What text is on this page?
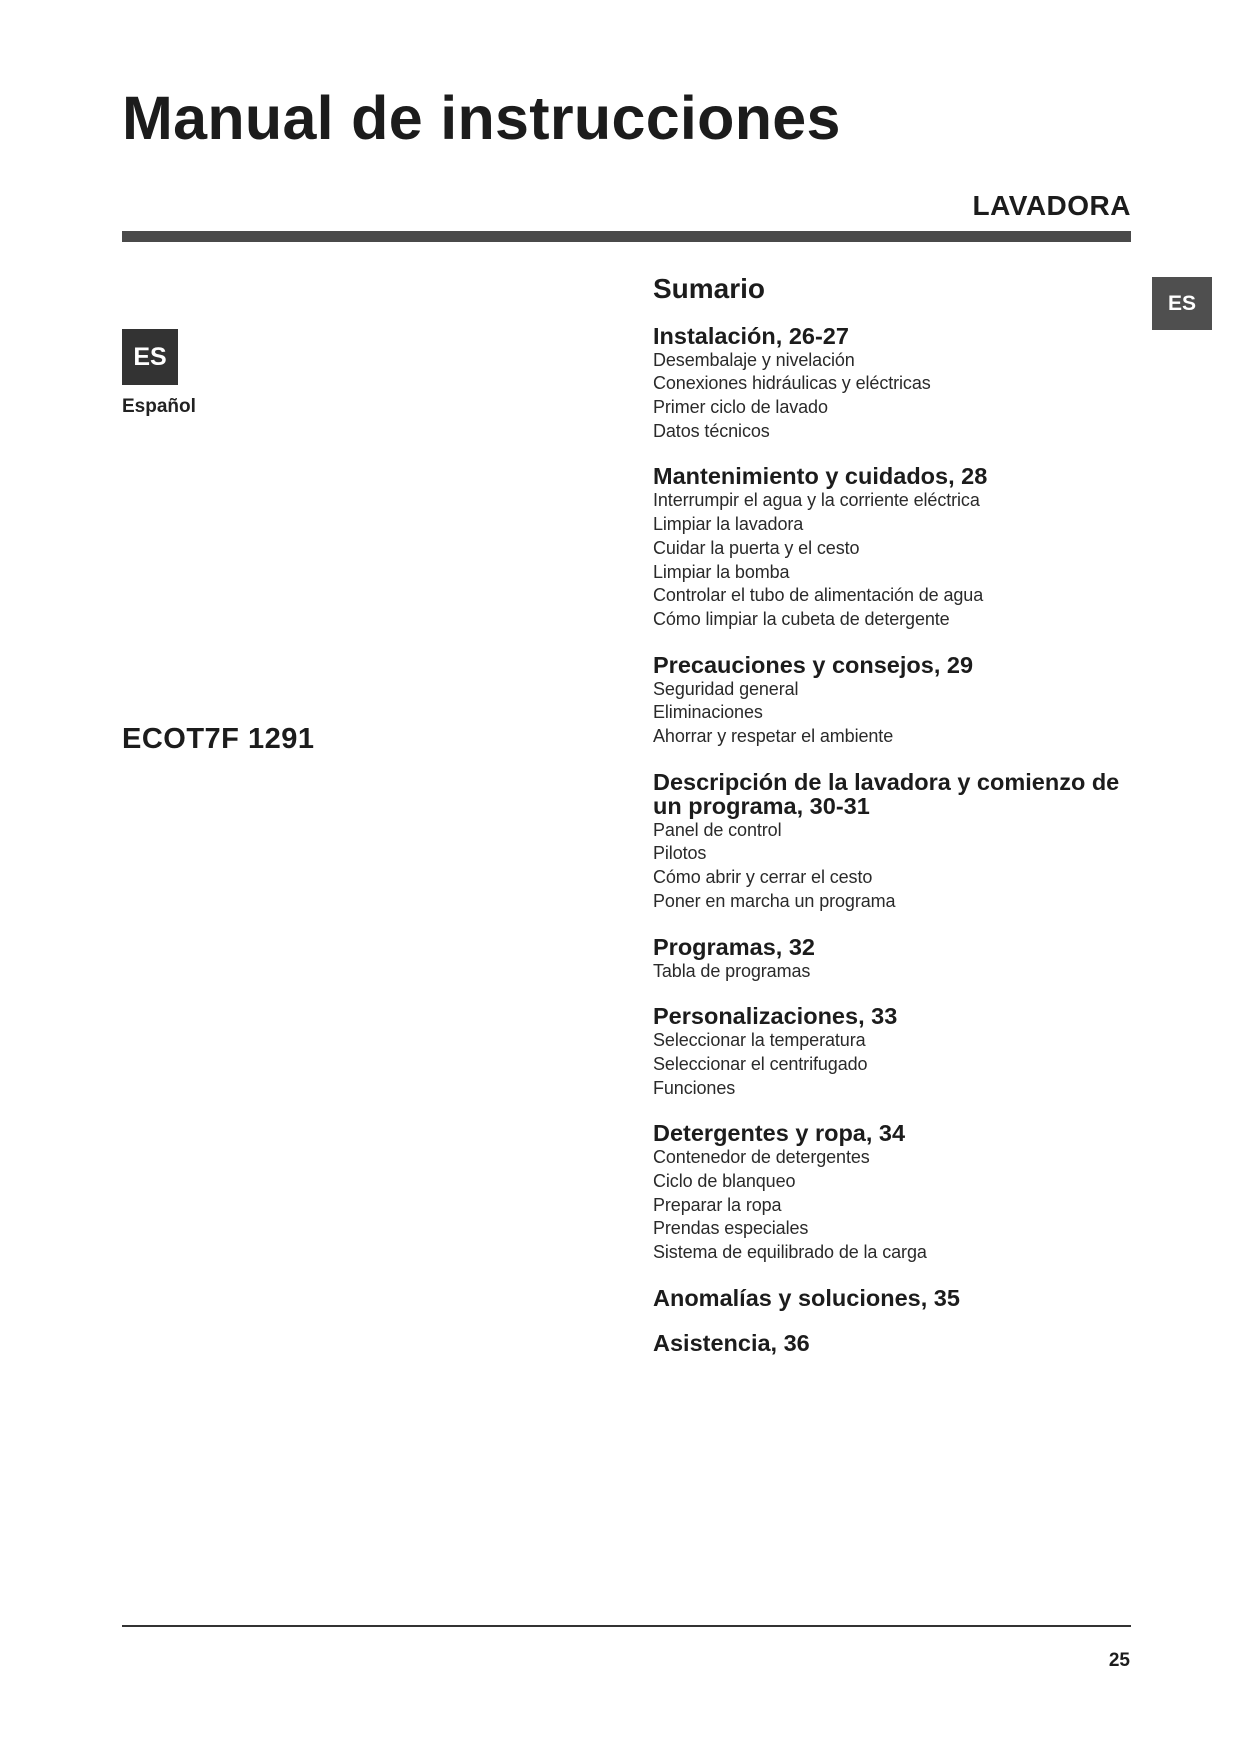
Manual de instrucciones
LAVADORA
ES
Español
ECOT7F 1291
ES
Sumario
Instalación, 26-27
Desembalaje y nivelación
Conexiones hidráulicas y eléctricas
Primer ciclo de lavado
Datos técnicos
Mantenimiento y cuidados, 28
Interrumpir el agua y la corriente eléctrica
Limpiar la lavadora
Cuidar la puerta y el cesto
Limpiar la bomba
Controlar el tubo de alimentación de agua
Cómo limpiar la cubeta de detergente
Precauciones y consejos, 29
Seguridad general
Eliminaciones
Ahorrar y respetar el ambiente
Descripción de la lavadora y comienzo de un programa, 30-31
Panel de control
Pilotos
Cómo abrir y cerrar el cesto
Poner en marcha un programa
Programas, 32
Tabla de programas
Personalizaciones, 33
Seleccionar la temperatura
Seleccionar el centrifugado
Funciones
Detergentes y ropa, 34
Contenedor de detergentes
Ciclo de blanqueo
Preparar la ropa
Prendas especiales
Sistema de equilibrado de la carga
Anomalías y soluciones, 35
Asistencia, 36
25
